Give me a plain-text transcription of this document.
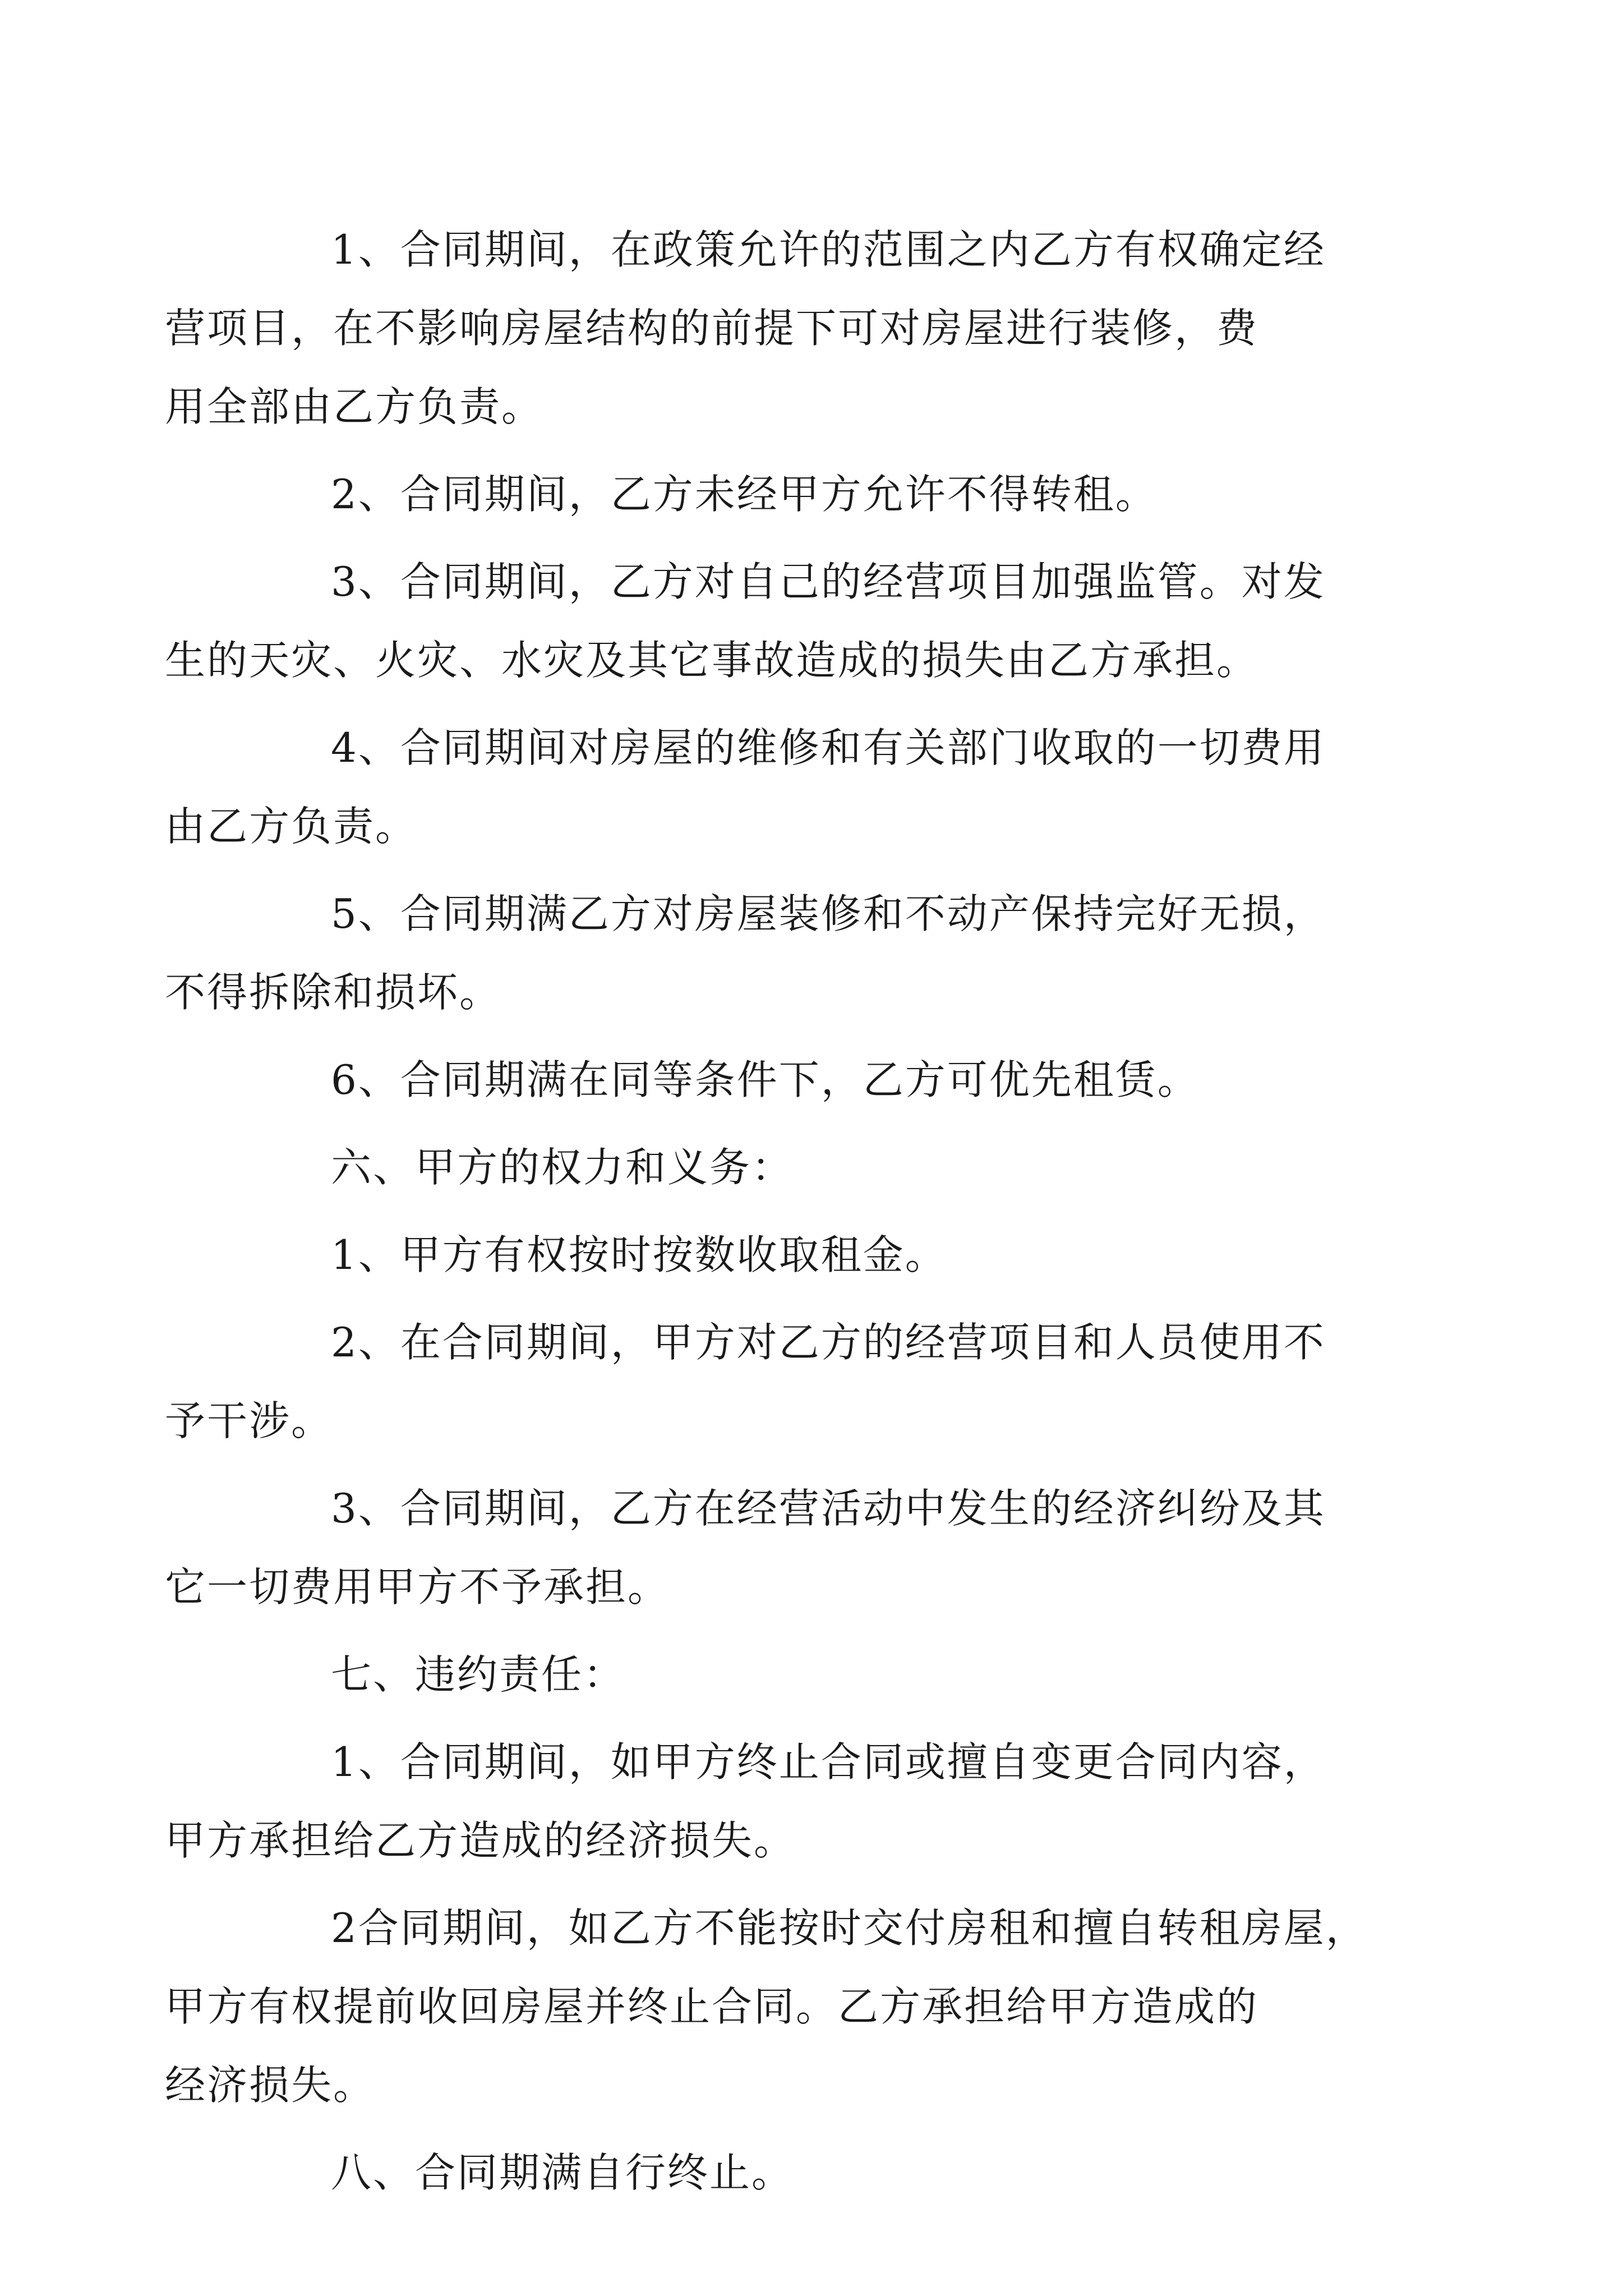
1、合同期间，在政策允许的范围之内乙方有权确定经
营项目，在不影响房屋结构的前提下可对房屋进行装修，费
用全部由乙方负责。

2、合同期间，乙方未经甲方允许不得转租。

3、合同期间，乙方对自己的经营项目加强监管。对发
生的天灾、火灾、水灾及其它事故造成的损失由乙方承担。

4、合同期间对房屋的维修和有关部门收取的一切费用
由乙方负责。

5、合同期满乙方对房屋装修和不动产保持完好无损，
不得拆除和损坏。

6、合同期满在同等条件下，乙方可优先租赁。

六、甲方的权力和义务：

1、甲方有权按时按数收取租金。

2、在合同期间，甲方对乙方的经营项目和人员使用不
予干涉。

3、合同期间，乙方在经营活动中发生的经济纠纷及其
它一切费用甲方不予承担。

七、违约责任：

1、合同期间，如甲方终止合同或擅自变更合同内容，
甲方承担给乙方造成的经济损失。

2合同期间，如乙方不能按时交付房租和擅自转租房屋，
甲方有权提前收回房屋并终止合同。乙方承担给甲方造成的
经济损失。

八、合同期满自行终止。
